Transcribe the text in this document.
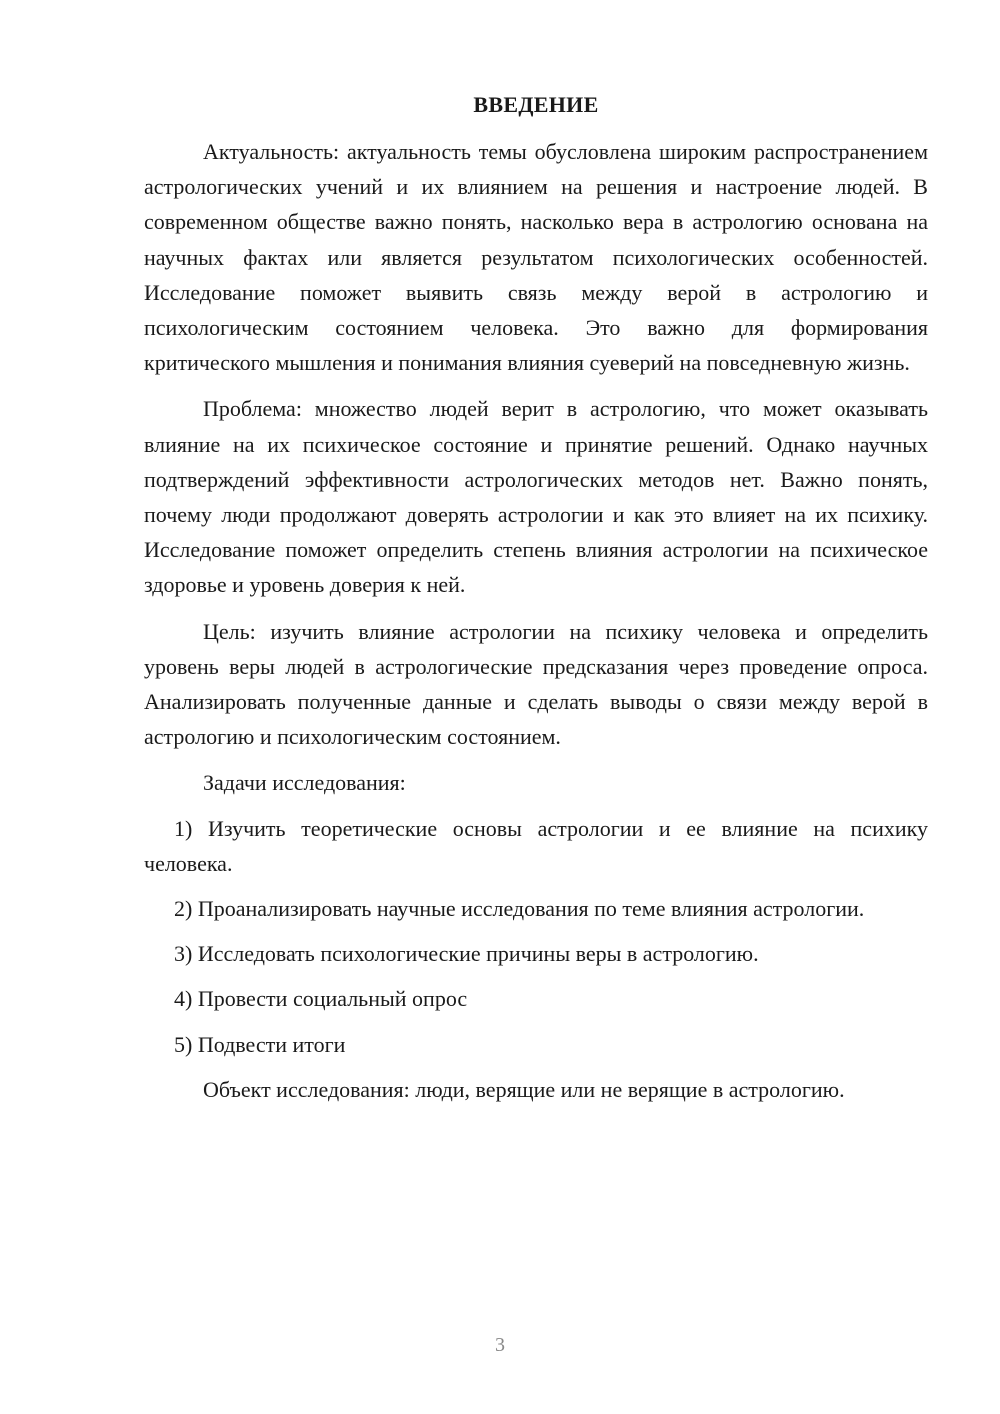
ВВЕДЕНИЕ

Актуальность: актуальность темы обусловлена широким распространением астрологических учений и их влиянием на решения и настроение людей. В современном обществе важно понять, насколько вера в астрологию основана на научных фактах или является результатом психологических особенностей. Исследование поможет выявить связь между верой в астрологию и психологическим состоянием человека. Это важно для формирования критического мышления и понимания влияния суеверий на повседневную жизнь.

Проблема: множество людей верит в астрологию, что может оказывать влияние на их психическое состояние и принятие решений. Однако научных подтверждений эффективности астрологических методов нет. Важно понять, почему люди продолжают доверять астрологии и как это влияет на их психику. Исследование поможет определить степень влияния астрологии на психическое здоровье и уровень доверия к ней.

Цель: изучить влияние астрологии на психику человека и определить уровень веры людей в астрологические предсказания через проведение опроса. Анализировать полученные данные и сделать выводы о связи между верой в астрологию и психологическим состоянием.

Задачи исследования:

1) Изучить теоретические основы астрологии и ее влияние на психику человека.

2) Проанализировать научные исследования по теме влияния астрологии.

3) Исследовать психологические причины веры в астрологию.

4) Провести социальный опрос

5) Подвести итоги

Объект исследования: люди, верящие или не верящие в астрологию.

3
